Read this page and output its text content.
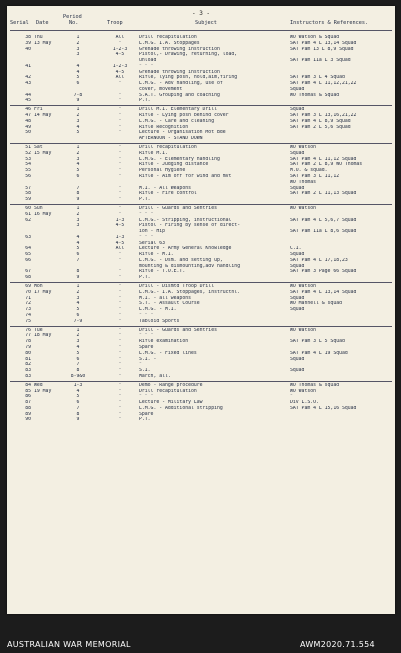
- 3 -
Period
Serial Date	No.	Troop	Subject	Instructors & References.
38 Thu	1	All	Drill recapitulation	WO Watson & Squad
39 13 May	2	"	L.M.G. I.A. Stoppages	SAT Pam 4 L 13,14 Squad
40	3	1-2-3	Grenade throwing instruction	SAT Pam 13 L 8,9 Squad
3	4-5	Pistol,- Drawing, returning, load,
unload	SAT Pam 11a L 3 Squad
41	4	1-2-3	" " "
4	4-5	Grenade throwing instruction
42	5	All	Rifle, lying posn, hold,aim,firing	SAT Pam 3 L 4 Squad
43	6	"	L.M.G. - Adv handling, use of	SAT Pam 4 L 11,12,21,22
cover, movement	Squad
44	7-8	"	S.A.T. Grouping and coaching	WO Thomas & Squad
45	9	"	P.T.
46 Fri	1	"	Drill M.I. Elementary Drill	Squad
47 14 May	2	"	Rifle - Lying posn behind cover	SAT Pam 3 L 13,16,21,22
48	3	"	L.M.G. - Care and cleaning	SAT Pam 4 L 8,9 Squad
49	4	"	Rifle Recognition	SAT Pam 2 L 5,6 Squad
50	5	"	Lecture - Organisation Mot Bde
AFTERNOON - STAND DOWN
51 Sat	1	"	Drill recapitulation	WO Watson
52 15 May	2	"	Rifle M.I.	Squad
53	3	"	L.M.G. - Elementary handling	SAT Pam 4 L 11,12 Squad
54	4	"	Rifle - Judging distance	SAT Pam 2 L 8,9 WO Thomas
55	5	"	Personal Hygiene	M.O. & squad.
56	6	"	Rifle - Aim off for wind and mvt	SAT Pam 3 L 11,12
WO Thomas
57	7	"	M.I. - All Weapons	Squad
58	8	"	Rifle - Fire control	SAT Pam 2 L 11,13 Squad
59	9	"	P.T.
60 Sun	1	"	Drill - Guards and Sentries	WO Watson
61 16 May	2	"	" " "
62	3	1-3	L.M.G.- Stripping, instructional	SAT Pam 4 L 5,6,7 Squad
3	4-5	Pistol - Firing by sense of direct-
ion - Hip	SAT Pam 11a L 8,6 Squad
63	4	1-3	" " "
4	4-5	Serial 63
64	5	All	Lecture - Army General Knowledge	C.I.
65	6	"	Rifle - M.I.	Squad
66	7	"	L.M.G. - Dsm. and setting up,	SAT Pam 4 L 17,18,23
mounting & dismounting,adv handling	Squad
67	8	"	Rifle - T.O.E.T.	SAT Pam 3 Page 66 Squad
68	9	"	P.T.
69 Mon	1	"	Drill - Dismtd Troop Drill	WO Watson
70 17 May	2	"	L.M.G.- I.A. Stoppages, instructnl.	SAT Pam 4 L 13,14 Squad
71	3	"	M.I. - all weapons	Squad
72	4	"	S.T. - Assault Course	WO Mannell & squad
73	5	"	L.M.G. - M.I.	Squad
74	6	"	" " "
75	7-9	"	Tabloid Sports
76 Tue	1	"	Drill - Guards and Sentries	WO Watson
77 18 May	2	"	" " "
78	3	"	Rifle examination	SAT Pam 3 L 5 Squad
79	4	"	Spare
80	5	"	L.M.G. - Fixed lines	SAT Pam 4 L 19 Squad
81	6	"	S.I. -	Squad
82	7	"	"
83	8	"	S.I.	Squad
83	8-9&0	"	March, all.
84 Wed	1-3	"	Demo - Range procedure	WO Thomas & squad
85 19 May	4	"	Drill recapitulation	WO Watson
86	5	"	" " "	"
87	6	"	Lecture - Military Law	Div L.S.O.
88	7	"	L.M.G. - Additional stripping	SAT Pam 4 L 15,16 Squad
89	8	"	Spare
90	9	"	P.T.
AUSTRALIAN WAR MEMORIAL	AWM2020.71.554
